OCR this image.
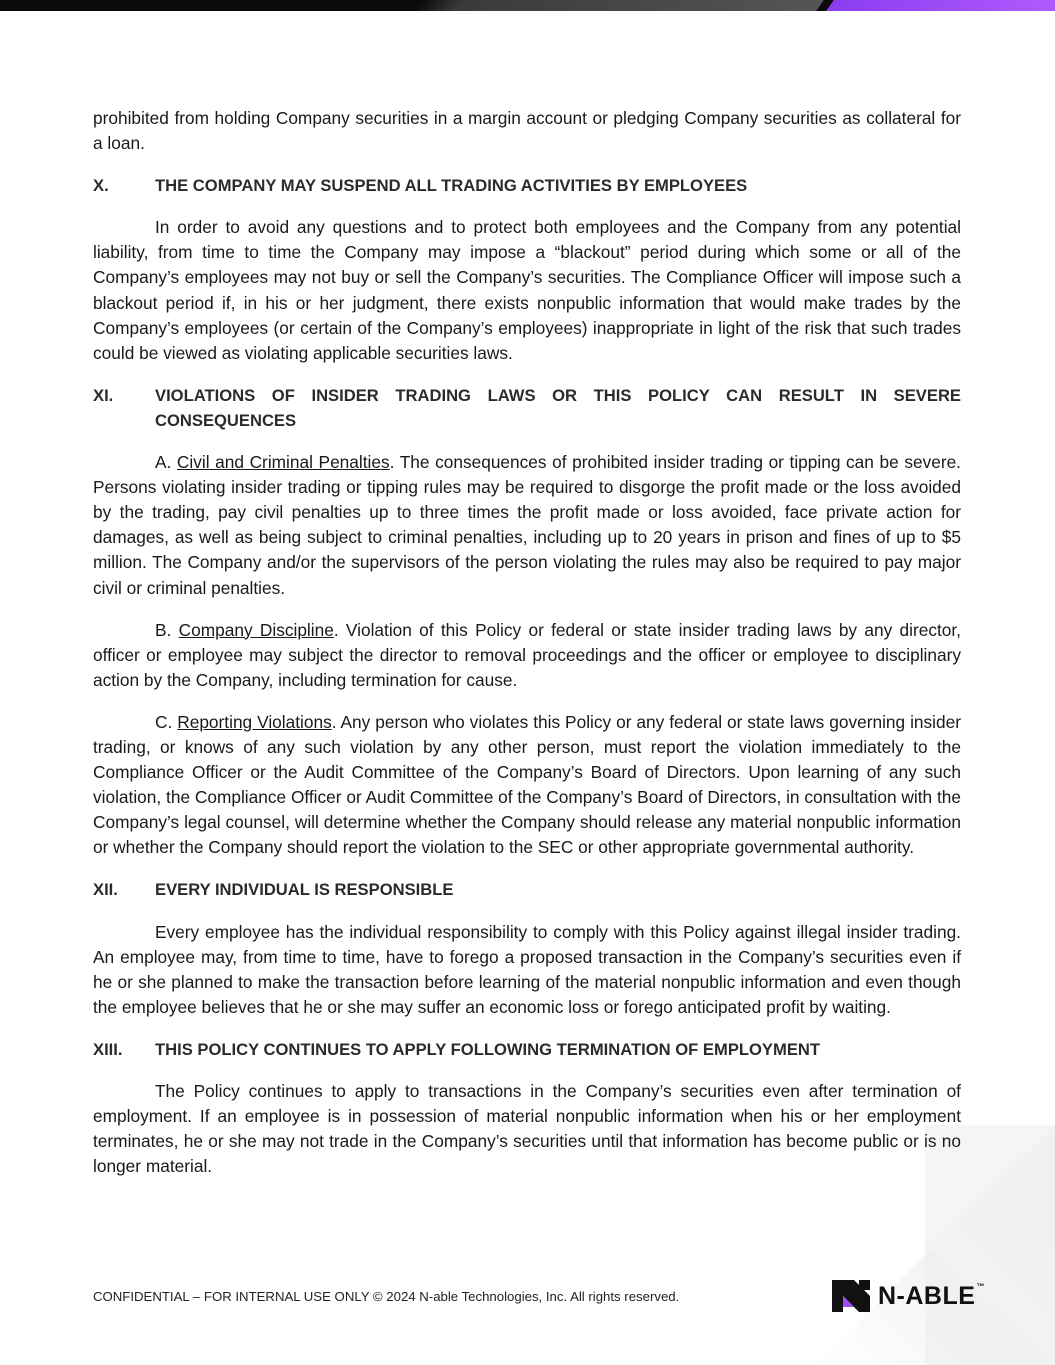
prohibited from holding Company securities in a margin account or pledging Company securities as collateral for a loan.

X.	THE COMPANY MAY SUSPEND ALL TRADING ACTIVITIES BY EMPLOYEES

In order to avoid any questions and to protect both employees and the Company from any potential liability, from time to time the Company may impose a “blackout” period during which some or all of the Company’s employees may not buy or sell the Company’s securities. The Compliance Officer will impose such a blackout period if, in his or her judgment, there exists nonpublic information that would make trades by the Company’s employees (or certain of the Company’s employees) inappropriate in light of the risk that such trades could be viewed as violating applicable securities laws.

XI.	VIOLATIONS OF INSIDER TRADING LAWS OR THIS POLICY CAN RESULT IN SEVERE CONSEQUENCES

A. Civil and Criminal Penalties. The consequences of prohibited insider trading or tipping can be severe. Persons violating insider trading or tipping rules may be required to disgorge the profit made or the loss avoided by the trading, pay civil penalties up to three times the profit made or loss avoided, face private action for damages, as well as being subject to criminal penalties, including up to 20 years in prison and fines of up to $5 million. The Company and/or the supervisors of the person violating the rules may also be required to pay major civil or criminal penalties.

B. Company Discipline. Violation of this Policy or federal or state insider trading laws by any director, officer or employee may subject the director to removal proceedings and the officer or employee to disciplinary action by the Company, including termination for cause.

C. Reporting Violations. Any person who violates this Policy or any federal or state laws governing insider trading, or knows of any such violation by any other person, must report the violation immediately to the Compliance Officer or the Audit Committee of the Company’s Board of Directors. Upon learning of any such violation, the Compliance Officer or Audit Committee of the Company’s Board of Directors, in consultation with the Company’s legal counsel, will determine whether the Company should release any material nonpublic information or whether the Company should report the violation to the SEC or other appropriate governmental authority.

XII.	EVERY INDIVIDUAL IS RESPONSIBLE

Every employee has the individual responsibility to comply with this Policy against illegal insider trading. An employee may, from time to time, have to forego a proposed transaction in the Company’s securities even if he or she planned to make the transaction before learning of the material nonpublic information and even though the employee believes that he or she may suffer an economic loss or forego anticipated profit by waiting.

XIII.	THIS POLICY CONTINUES TO APPLY FOLLOWING TERMINATION OF EMPLOYMENT

The Policy continues to apply to transactions in the Company’s securities even after termination of employment. If an employee is in possession of material nonpublic information when his or her employment terminates, he or she may not trade in the Company’s securities until that information has become public or is no longer material.

CONFIDENTIAL – FOR INTERNAL USE ONLY © 2024 N-able Technologies, Inc. All rights reserved.	N-ABLE™
